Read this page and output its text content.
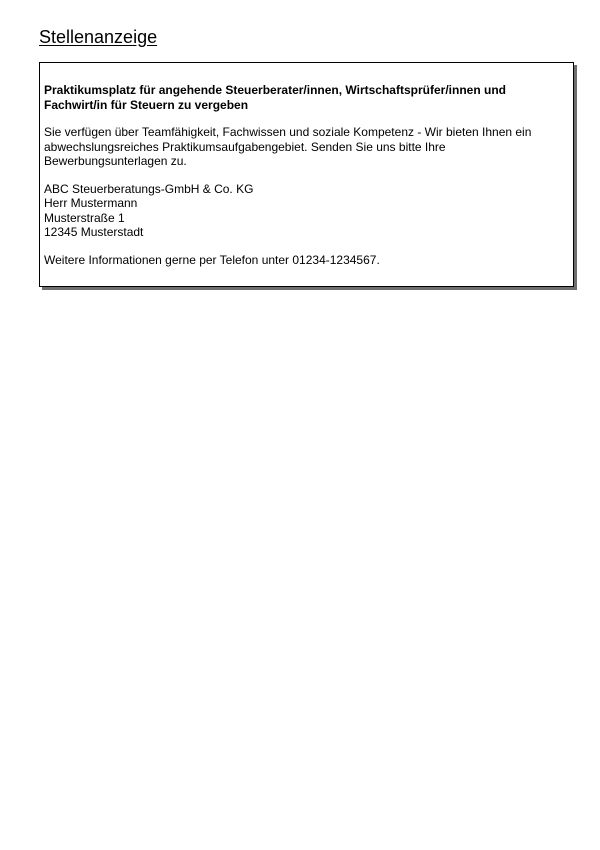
Stellenanzeige

Praktikumsplatz für angehende Steuerberater/innen, Wirtschaftsprüfer/innen und
Fachwirt/in für Steuern zu vergeben

Sie verfügen über Teamfähigkeit, Fachwissen und soziale Kompetenz - Wir bieten Ihnen ein
abwechslungsreiches Praktikumsaufgabengebiet. Senden Sie uns bitte Ihre
Bewerbungsunterlagen zu.

ABC Steuerberatungs-GmbH & Co. KG
Herr Mustermann
Musterstraße 1
12345 Musterstadt

Weitere Informationen gerne per Telefon unter 01234-1234567.
